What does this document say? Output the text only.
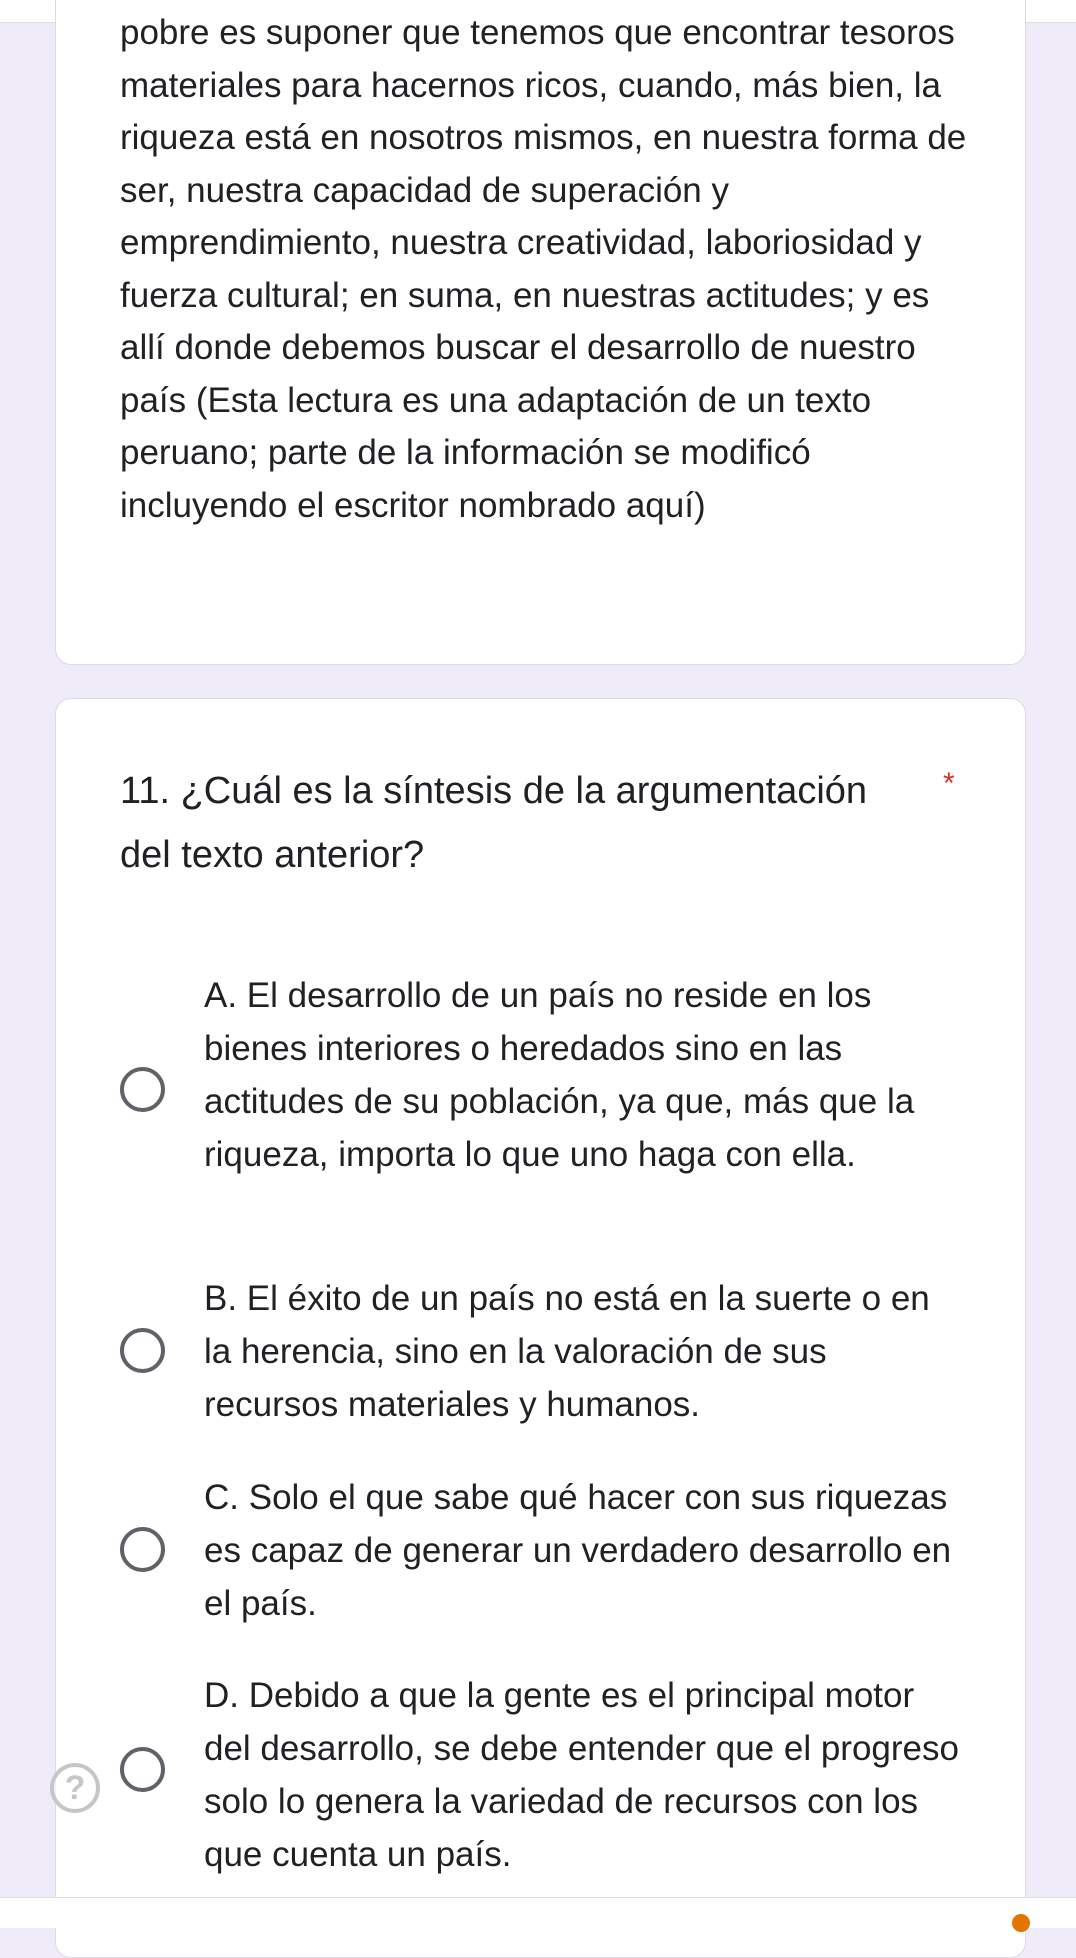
pobre es suponer que tenemos que encontrar tesoros materiales para hacernos ricos, cuando, más bien, la riqueza está en nosotros mismos, en nuestra forma de ser, nuestra capacidad de superación y emprendimiento, nuestra creatividad, laboriosidad y fuerza cultural; en suma, en nuestras actitudes; y es allí donde debemos buscar el desarrollo de nuestro país (Esta lectura es una adaptación de un texto peruano; parte de la información se modificó incluyendo el escritor nombrado aquí)

11. ¿Cuál es la síntesis de la argumentación del texto anterior?

*

A. El desarrollo de un país no reside en los bienes interiores o heredados sino en las actitudes de su población, ya que, más que la riqueza, importa lo que uno haga con ella.

B. El éxito de un país no está en la suerte o en la herencia, sino en la valoración de sus recursos materiales y humanos.

C. Solo el que sabe qué hacer con sus riquezas es capaz de generar un verdadero desarrollo en el país.

D. Debido a que la gente es el principal motor del desarrollo, se debe entender que el progreso solo lo genera la variedad de recursos con los que cuenta un país.

?
